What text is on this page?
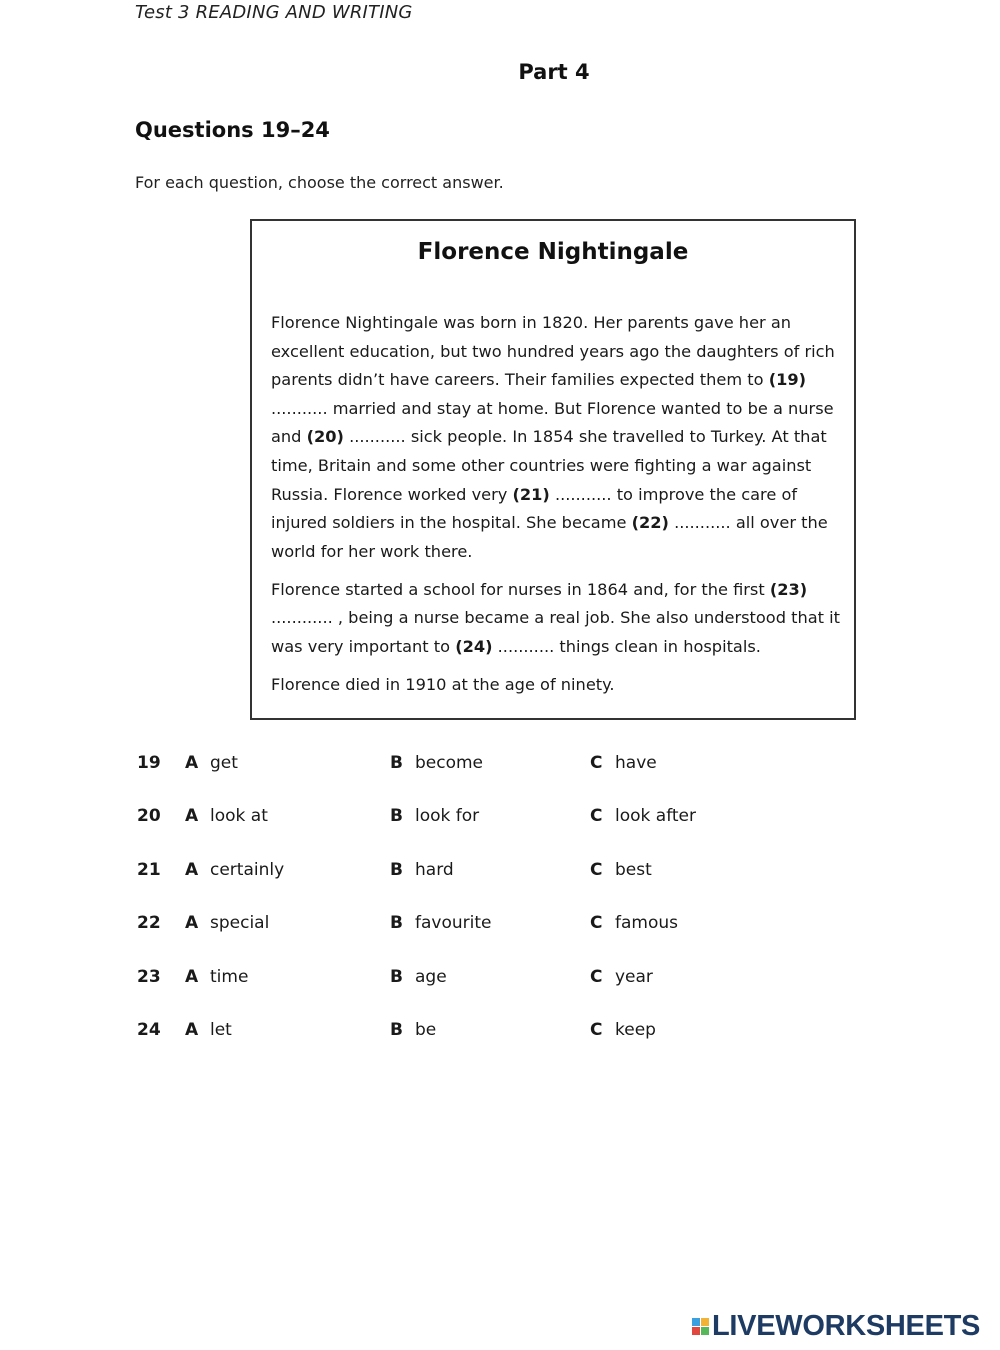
Test 3 READING AND WRITING
Part 4
Questions 19–24
For each question, choose the correct answer.
Florence Nightingale

Florence Nightingale was born in 1820. Her parents gave her an excellent education, but two hundred years ago the daughters of rich parents didn’t have careers. Their families expected them to (19) ........... married and stay at home. But Florence wanted to be a nurse and (20) ........... sick people. In 1854 she travelled to Turkey. At that time, Britain and some other countries were fighting a war against Russia. Florence worked very (21) ........... to improve the care of injured soldiers in the hospital. She became (22) ........... all over the world for her work there.

Florence started a school for nurses in 1864 and, for the first (23) ............ , being a nurse became a real job. She also understood that it was very important to (24) ........... things clean in hospitals.

Florence died in 1910 at the age of ninety.

19 A get	B become	C have
20 A look at	B look for	C look after
21 A certainly	B hard	C best
22 A special	B favourite	C famous
23 A time	B age	C year
24 A let	B be	C keep
LIVEWORKSHEETS
